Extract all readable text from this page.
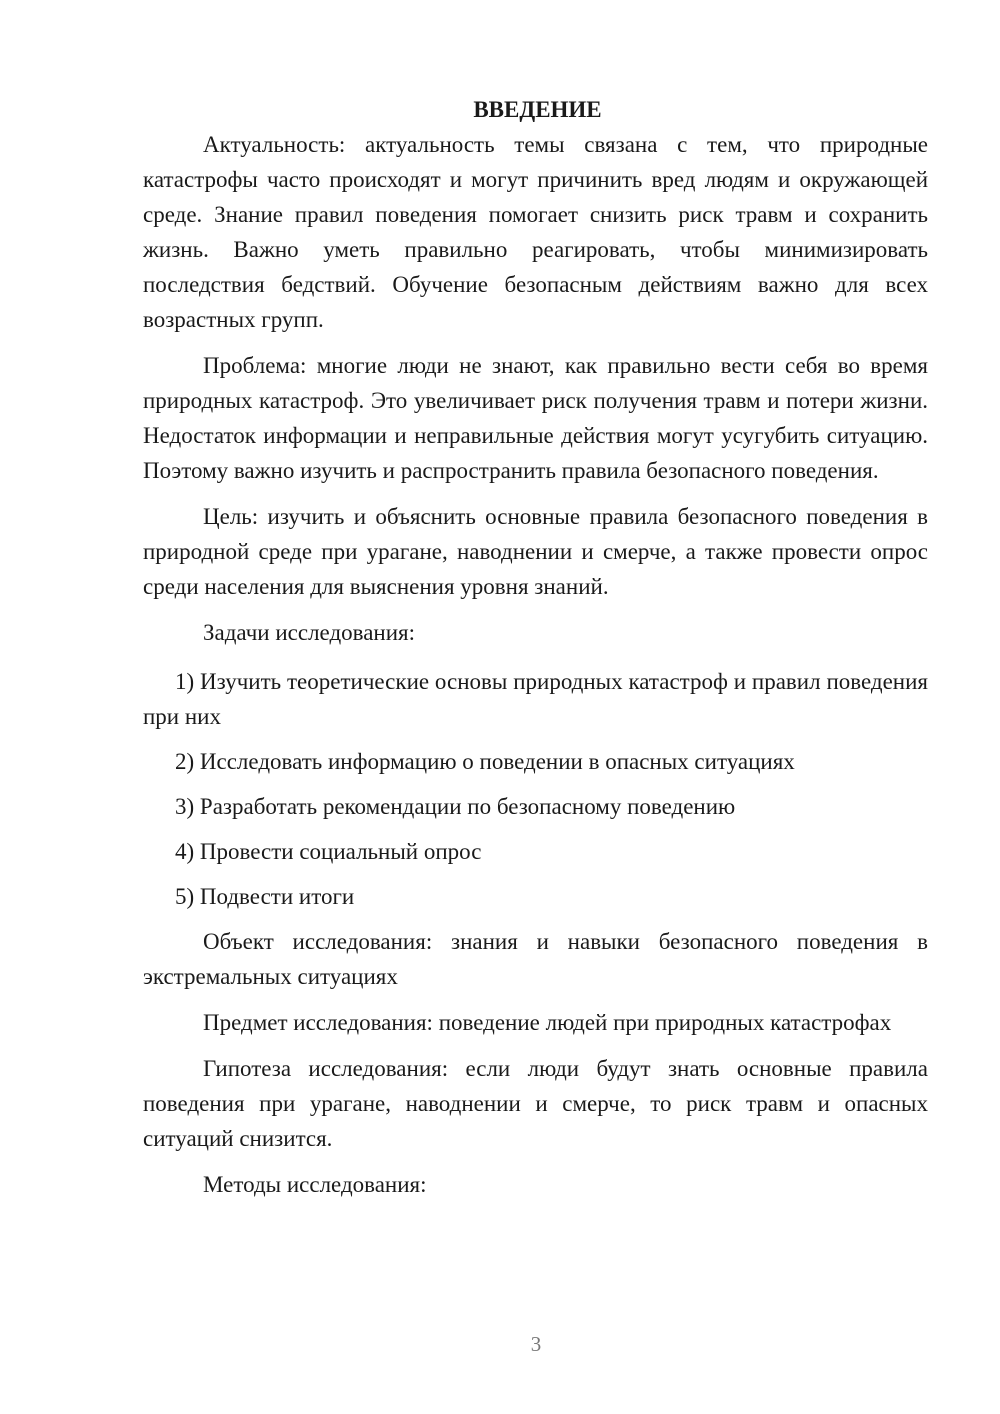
ВВЕДЕНИЕ

Актуальность: актуальность темы связана с тем, что природные катастрофы часто происходят и могут причинить вред людям и окружающей среде. Знание правил поведения помогает снизить риск травм и сохранить жизнь. Важно уметь правильно реагировать, чтобы минимизировать последствия бедствий. Обучение безопасным действиям важно для всех возрастных групп.

Проблема: многие люди не знают, как правильно вести себя во время природных катастроф. Это увеличивает риск получения травм и потери жизни. Недостаток информации и неправильные действия могут усугубить ситуацию. Поэтому важно изучить и распространить правила безопасного поведения.

Цель: изучить и объяснить основные правила безопасного поведения в природной среде при урагане, наводнении и смерче, а также провести опрос среди населения для выяснения уровня знаний.

Задачи исследования:

1) Изучить теоретические основы природных катастроф и правил поведения при них

2) Исследовать информацию о поведении в опасных ситуациях

3) Разработать рекомендации по безопасному поведению

4) Провести социальный опрос

5) Подвести итоги

Объект исследования: знания и навыки безопасного поведения в экстремальных ситуациях

Предмет исследования: поведение людей при природных катастрофах

Гипотеза исследования: если люди будут знать основные правила поведения при урагане, наводнении и смерче, то риск травм и опасных ситуаций снизится.

Методы исследования:

3
